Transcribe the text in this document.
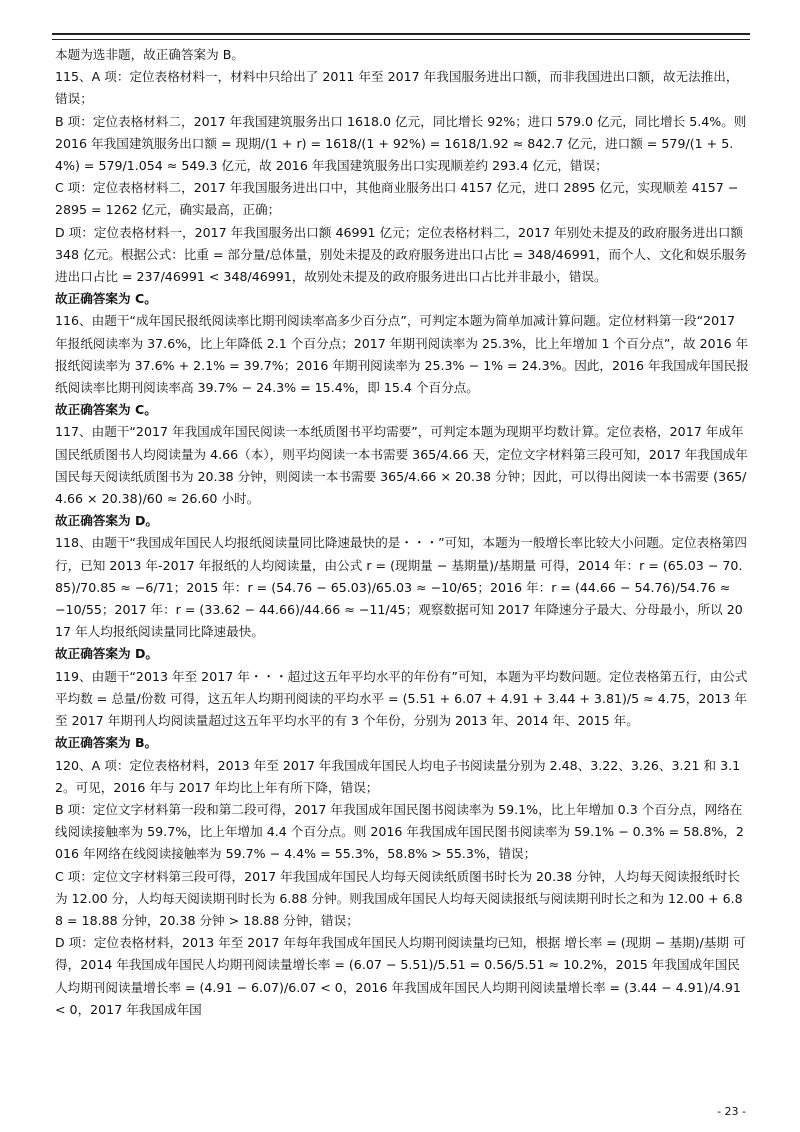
本题为选非题，故正确答案为 B。

115、A 项：定位表格材料一，材料中只给出了 2011 年至 2017 年我国服务进出口额，而非我国进出口额，故无法推出，错误；

B 项：定位表格材料二，2017 年我国建筑服务出口 1618.0 亿元，同比增长 92%；进口 579.0 亿元，同比增长 5.4%。则 2016 年我国建筑服务出口额 = 现期/(1 + r) = 1618/(1 + 92%) = 1618/1.92 ≈ 842.7 亿元，进口额 = 579/(1 + 5.4%) = 579/1.054 ≈ 549.3 亿元，故 2016 年我国建筑服务出口实现顺差约 293.4 亿元，错误；

C 项：定位表格材料二，2017 年我国服务进出口中，其他商业服务出口 4157 亿元，进口 2895 亿元，实现顺差 4157 − 2895 = 1262 亿元，确实最高，正确；

D 项：定位表格材料一，2017 年我国服务出口额 46991 亿元；定位表格材料二，2017 年别处未提及的政府服务进出口额 348 亿元。根据公式：比重 = 部分量/总体量，别处未提及的政府服务进出口占比 = 348/46991，而个人、文化和娱乐服务进出口占比 = 237/46991 < 348/46991，故别处未提及的政府服务进出口占比并非最小，错误。

故正确答案为 C。

116、由题干“成年国民报纸阅读率比期刊阅读率高多少百分点”，可判定本题为简单加减计算问题。定位材料第一段“2017 年报纸阅读率为 37.6%，比上年降低 2.1 个百分点；2017 年期刊阅读率为 25.3%，比上年增加 1 个百分点”，故 2016 年报纸阅读率为 37.6% + 2.1% = 39.7%；2016 年期刊阅读率为 25.3% − 1% = 24.3%。因此，2016 年我国成年国民报纸阅读率比期刊阅读率高 39.7% − 24.3% = 15.4%，即 15.4 个百分点。

故正确答案为 C。

117、由题干“2017 年我国成年国民阅读一本纸质图书平均需要”，可判定本题为现期平均数计算。定位表格，2017 年成年国民纸质图书人均阅读量为 4.66（本），则平均阅读一本书需要 365/4.66 天，定位文字材料第三段可知，2017 年我国成年国民每天阅读纸质图书为 20.38 分钟，则阅读一本书需要 365/4.66 × 20.38 分钟；因此，可以得出阅读一本书需要 (365/4.66 × 20.38)/60 ≈ 26.60 小时。

故正确答案为 D。

118、由题干“我国成年国民人均报纸阅读量同比降速最快的是・・・”可知，本题为一般增长率比较大小问题。定位表格第四行，已知 2013 年-2017 年报纸的人均阅读量，由公式 r = (现期量 − 基期量)/基期量 可得，2014 年：r = (65.03 − 70.85)/70.85 ≈ −6/71；2015 年：r = (54.76 − 65.03)/65.03 ≈ −10/65；2016 年：r = (44.66 − 54.76)/54.76 ≈ −10/55；2017 年：r = (33.62 − 44.66)/44.66 ≈ −11/45；观察数据可知 2017 年降速分子最大、分母最小，所以 2017 年人均报纸阅读量同比降速最快。

故正确答案为 D。

119、由题干“2013 年至 2017 年・・・超过这五年平均水平的年份有”可知，本题为平均数问题。定位表格第五行，由公式 平均数 = 总量/份数 可得，这五年人均期刊阅读的平均水平 = (5.51 + 6.07 + 4.91 + 3.44 + 3.81)/5 ≈ 4.75，2013 年至 2017 年期刊人均阅读量超过这五年平均水平的有 3 个年份，分别为 2013 年、2014 年、2015 年。

故正确答案为 B。

120、A 项：定位表格材料，2013 年至 2017 年我国成年国民人均电子书阅读量分别为 2.48、3.22、3.26、3.21 和 3.12。可见，2016 年与 2017 年均比上年有所下降，错误；

B 项：定位文字材料第一段和第二段可得，2017 年我国成年国民图书阅读率为 59.1%，比上年增加 0.3 个百分点，网络在线阅读接触率为 59.7%，比上年增加 4.4 个百分点。则 2016 年我国成年国民图书阅读率为 59.1% − 0.3% = 58.8%，2016 年网络在线阅读接触率为 59.7% − 4.4% = 55.3%，58.8% > 55.3%，错误；

C 项：定位文字材料第三段可得，2017 年我国成年国民人均每天阅读纸质图书时长为 20.38 分钟，人均每天阅读报纸时长为 12.00 分，人均每天阅读期刊时长为 6.88 分钟。则我国成年国民人均每天阅读报纸与阅读期刊时长之和为 12.00 + 6.88 = 18.88 分钟，20.38 分钟 > 18.88 分钟，错误；

D 项：定位表格材料，2013 年至 2017 年每年我国成年国民人均期刊阅读量均已知，根据 增长率 = (现期 − 基期)/基期 可得，2014 年我国成年国民人均期刊阅读量增长率 = (6.07 − 5.51)/5.51 = 0.56/5.51 ≈ 10.2%，2015 年我国成年国民人均期刊阅读量增长率 = (4.91 − 6.07)/6.07 < 0，2016 年我国成年国民人均期刊阅读量增长率 = (3.44 − 4.91)/4.91 < 0，2017 年我国成年国

- 23 -
